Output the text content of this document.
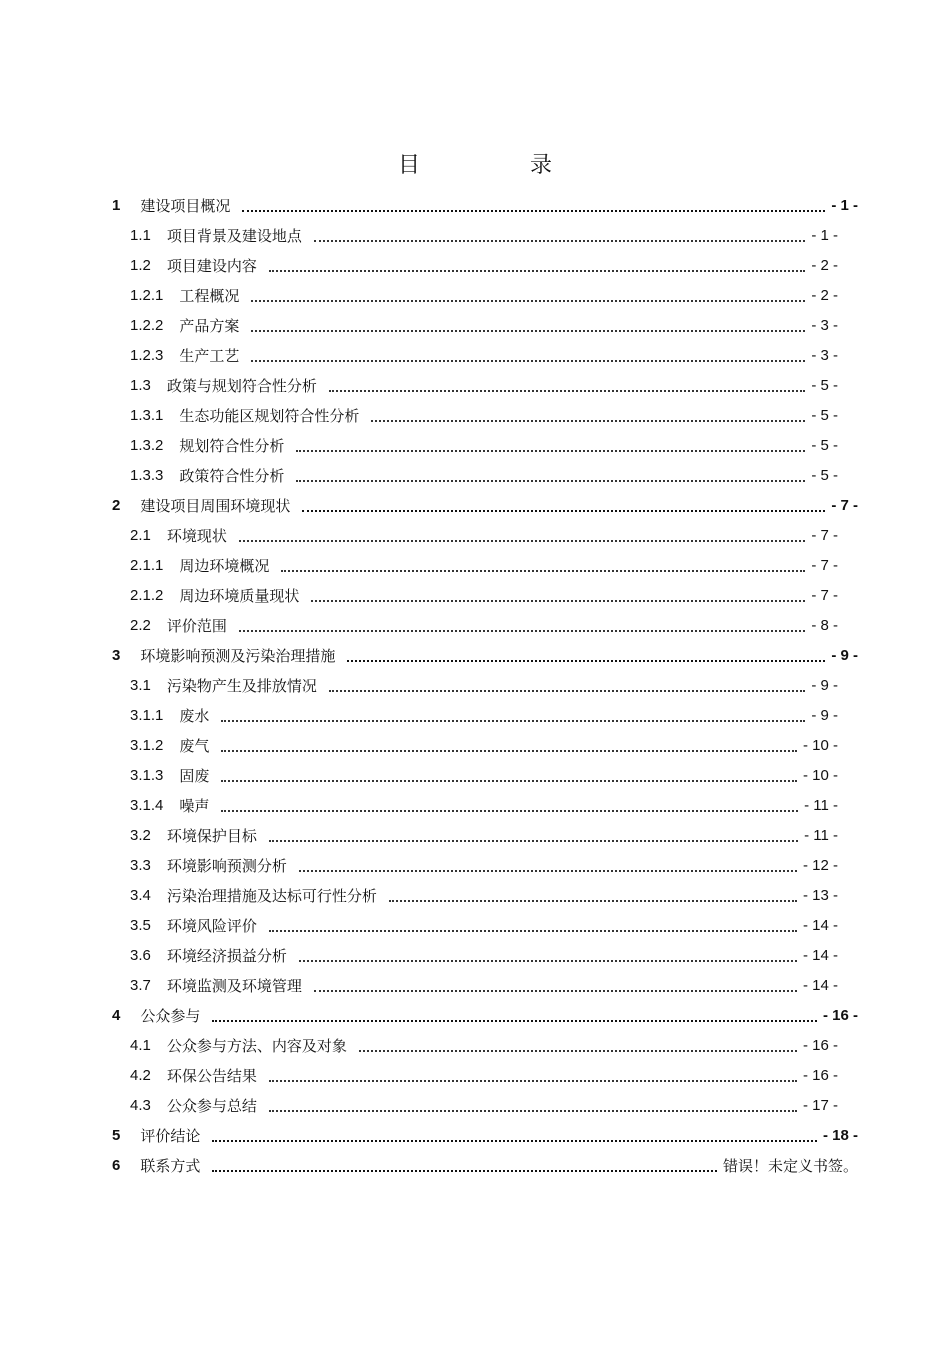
目　录
1 建设项目概况	- 1 -
1.1 项目背景及建设地点	- 1 -
1.2 项目建设内容	- 2 -
1.2.1 工程概况	- 2 -
1.2.2 产品方案	- 3 -
1.2.3 生产工艺	- 3 -
1.3 政策与规划符合性分析	- 5 -
1.3.1 生态功能区规划符合性分析	- 5 -
1.3.2 规划符合性分析	- 5 -
1.3.3 政策符合性分析	- 5 -
2 建设项目周围环境现状	- 7 -
2.1 环境现状	- 7 -
2.1.1 周边环境概况	- 7 -
2.1.2 周边环境质量现状	- 7 -
2.2 评价范围	- 8 -
3 环境影响预测及污染治理措施	- 9 -
3.1 污染物产生及排放情况	- 9 -
3.1.1 废水	- 9 -
3.1.2 废气	- 10 -
3.1.3 固废	- 10 -
3.1.4 噪声	- 11 -
3.2 环境保护目标	- 11 -
3.3 环境影响预测分析	- 12 -
3.4 污染治理措施及达标可行性分析	- 13 -
3.5 环境风险评价	- 14 -
3.6 环境经济损益分析	- 14 -
3.7 环境监测及环境管理	- 14 -
4 公众参与	- 16 -
4.1 公众参与方法、内容及对象	- 16 -
4.2 环保公告结果	- 16 -
4.3 公众参与总结	- 17 -
5 评价结论	- 18 -
6 联系方式	错误！未定义书签。
